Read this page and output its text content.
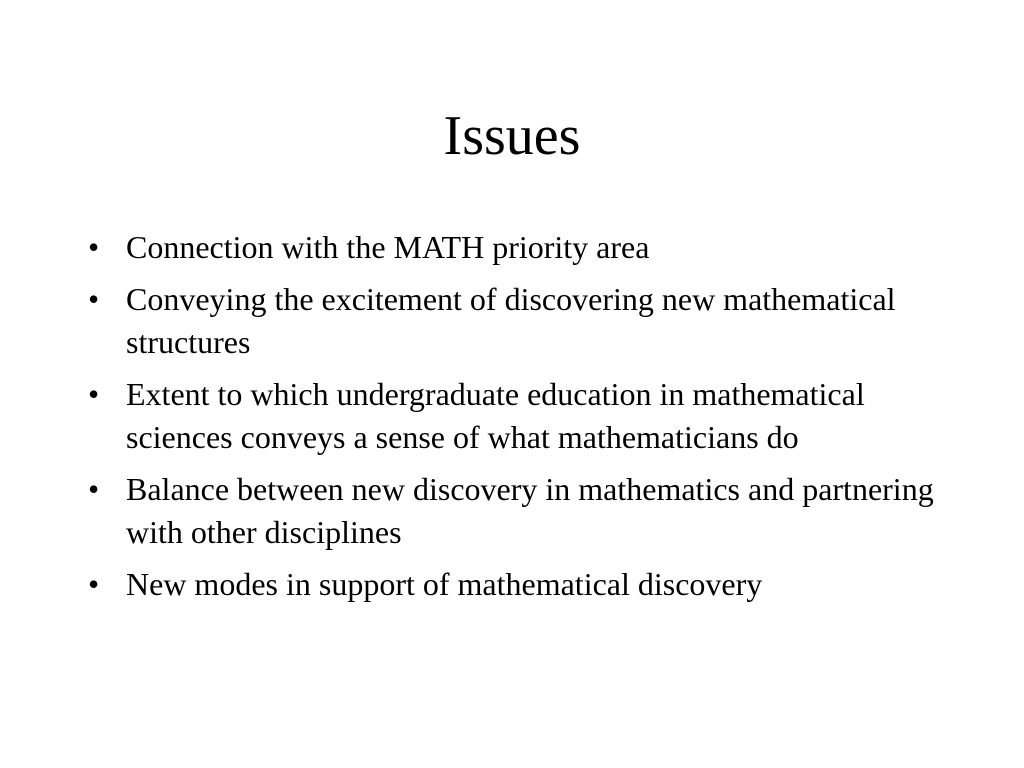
Issues
• Connection with the MATH priority area
• Conveying the excitement of discovering new mathematical structures
• Extent to which undergraduate education in mathematical sciences conveys a sense of what mathematicians do
• Balance between new discovery in mathematics and partnering with other disciplines
• New modes in support of mathematical discovery
